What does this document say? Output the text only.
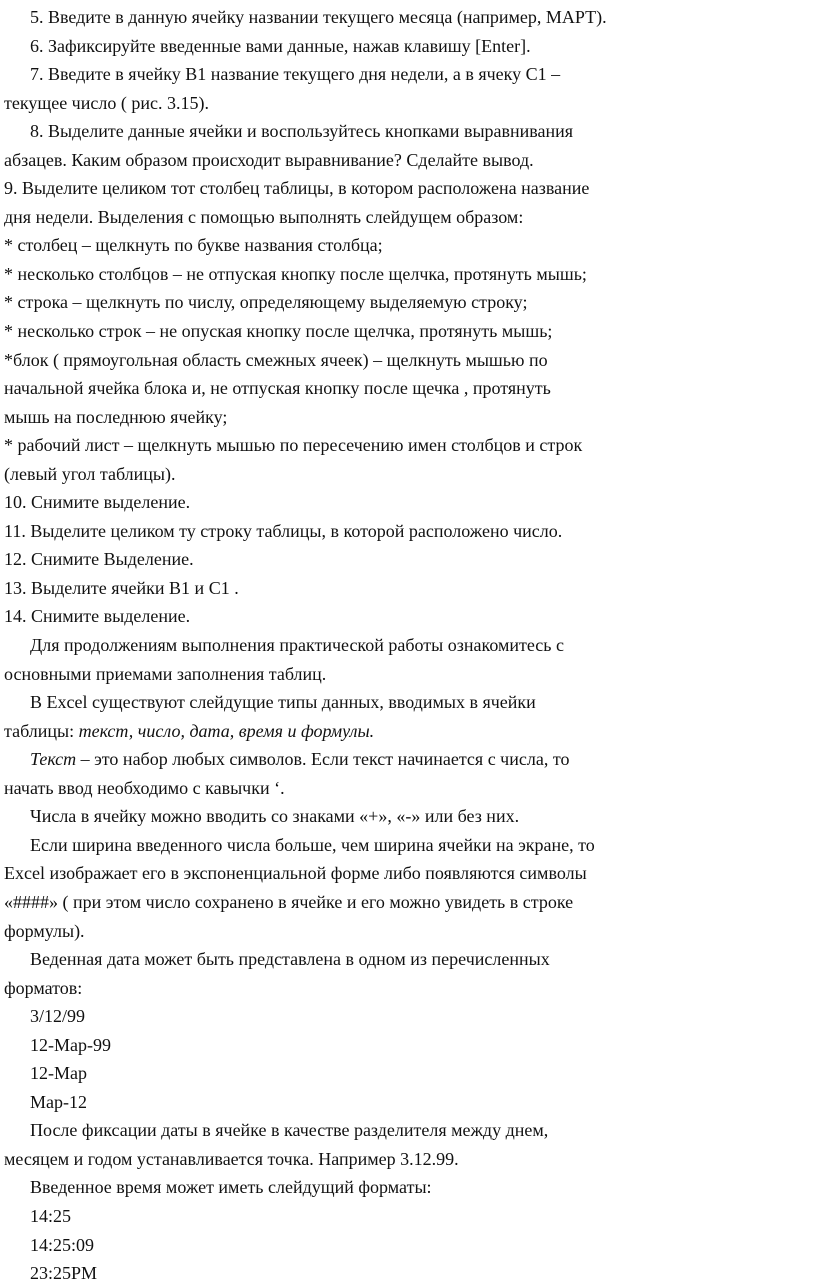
5. Введите в данную ячейку названии текущего месяца (например, МАРТ).

6. Зафиксируйте введенные вами данные, нажав клавишу [Enter].

7. Введите в ячейку В1 название текущего дня недели, а в ячеку С1 –

текущее число ( рис. 3.15).

8. Выделите данные ячейки и воспользуйтесь кнопками выравнивания

абзацев. Каким образом происходит выравнивание? Сделайте вывод.

9. Выделите целиком тот столбец таблицы, в котором расположена название

дня недели. Выделения с помощью выполнять слейдущем образом:

* столбец – щелкнуть по букве названия столбца;

* несколько столбцов – не отпуская кнопку после щелчка, протянуть мышь;

* строка – щелкнуть по числу, определяющему выделяемую строку;

* несколько строк – не опуская кнопку после щелчка, протянуть мышь;

*блок ( прямоугольная область смежных ячеек) – щелкнуть мышью по

начальной ячейка блока и, не отпуская кнопку после щечка , протянуть

мышь на последнюю ячейку;

* рабочий лист – щелкнуть мышью по пересечению имен столбцов и строк

(левый угол таблицы).

10. Снимите выделение.

11. Выделите целиком ту строку таблицы, в которой расположено число.

12. Снимите Выделение.

13. Выделите ячейки В1 и С1 .

14. Снимите выделение.

Для продолжениям выполнения практической работы ознакомитесь с

основными приемами заполнения таблиц.

В Excel существуют слейдущие типы данных, вводимых в ячейки

таблицы: текст, число, дата, время и формулы.

Текст – это набор любых символов. Если текст начинается с числа, то

начать ввод необходимо с кавычки ‘.

Числа в ячейку можно вводить со знаками «+», «-» или без них.

Если ширина введенного числа больше, чем ширина ячейки на экране, то

Excel изображает его в экспоненциальной форме либо появляются символы

«####» ( при этом число сохранено в ячейке и его можно увидеть в строке

формулы).

Веденная дата может быть представлена в одном из перечисленных

форматов:

3/12/99

12-Мар-99

12-Мар

Мар-12

После фиксации даты в ячейке в качестве разделителя между днем,

месяцем и годом устанавливается точка. Например 3.12.99.

Введенное время может иметь слейдущий форматы:

14:25

14:25:09

23:25PM
